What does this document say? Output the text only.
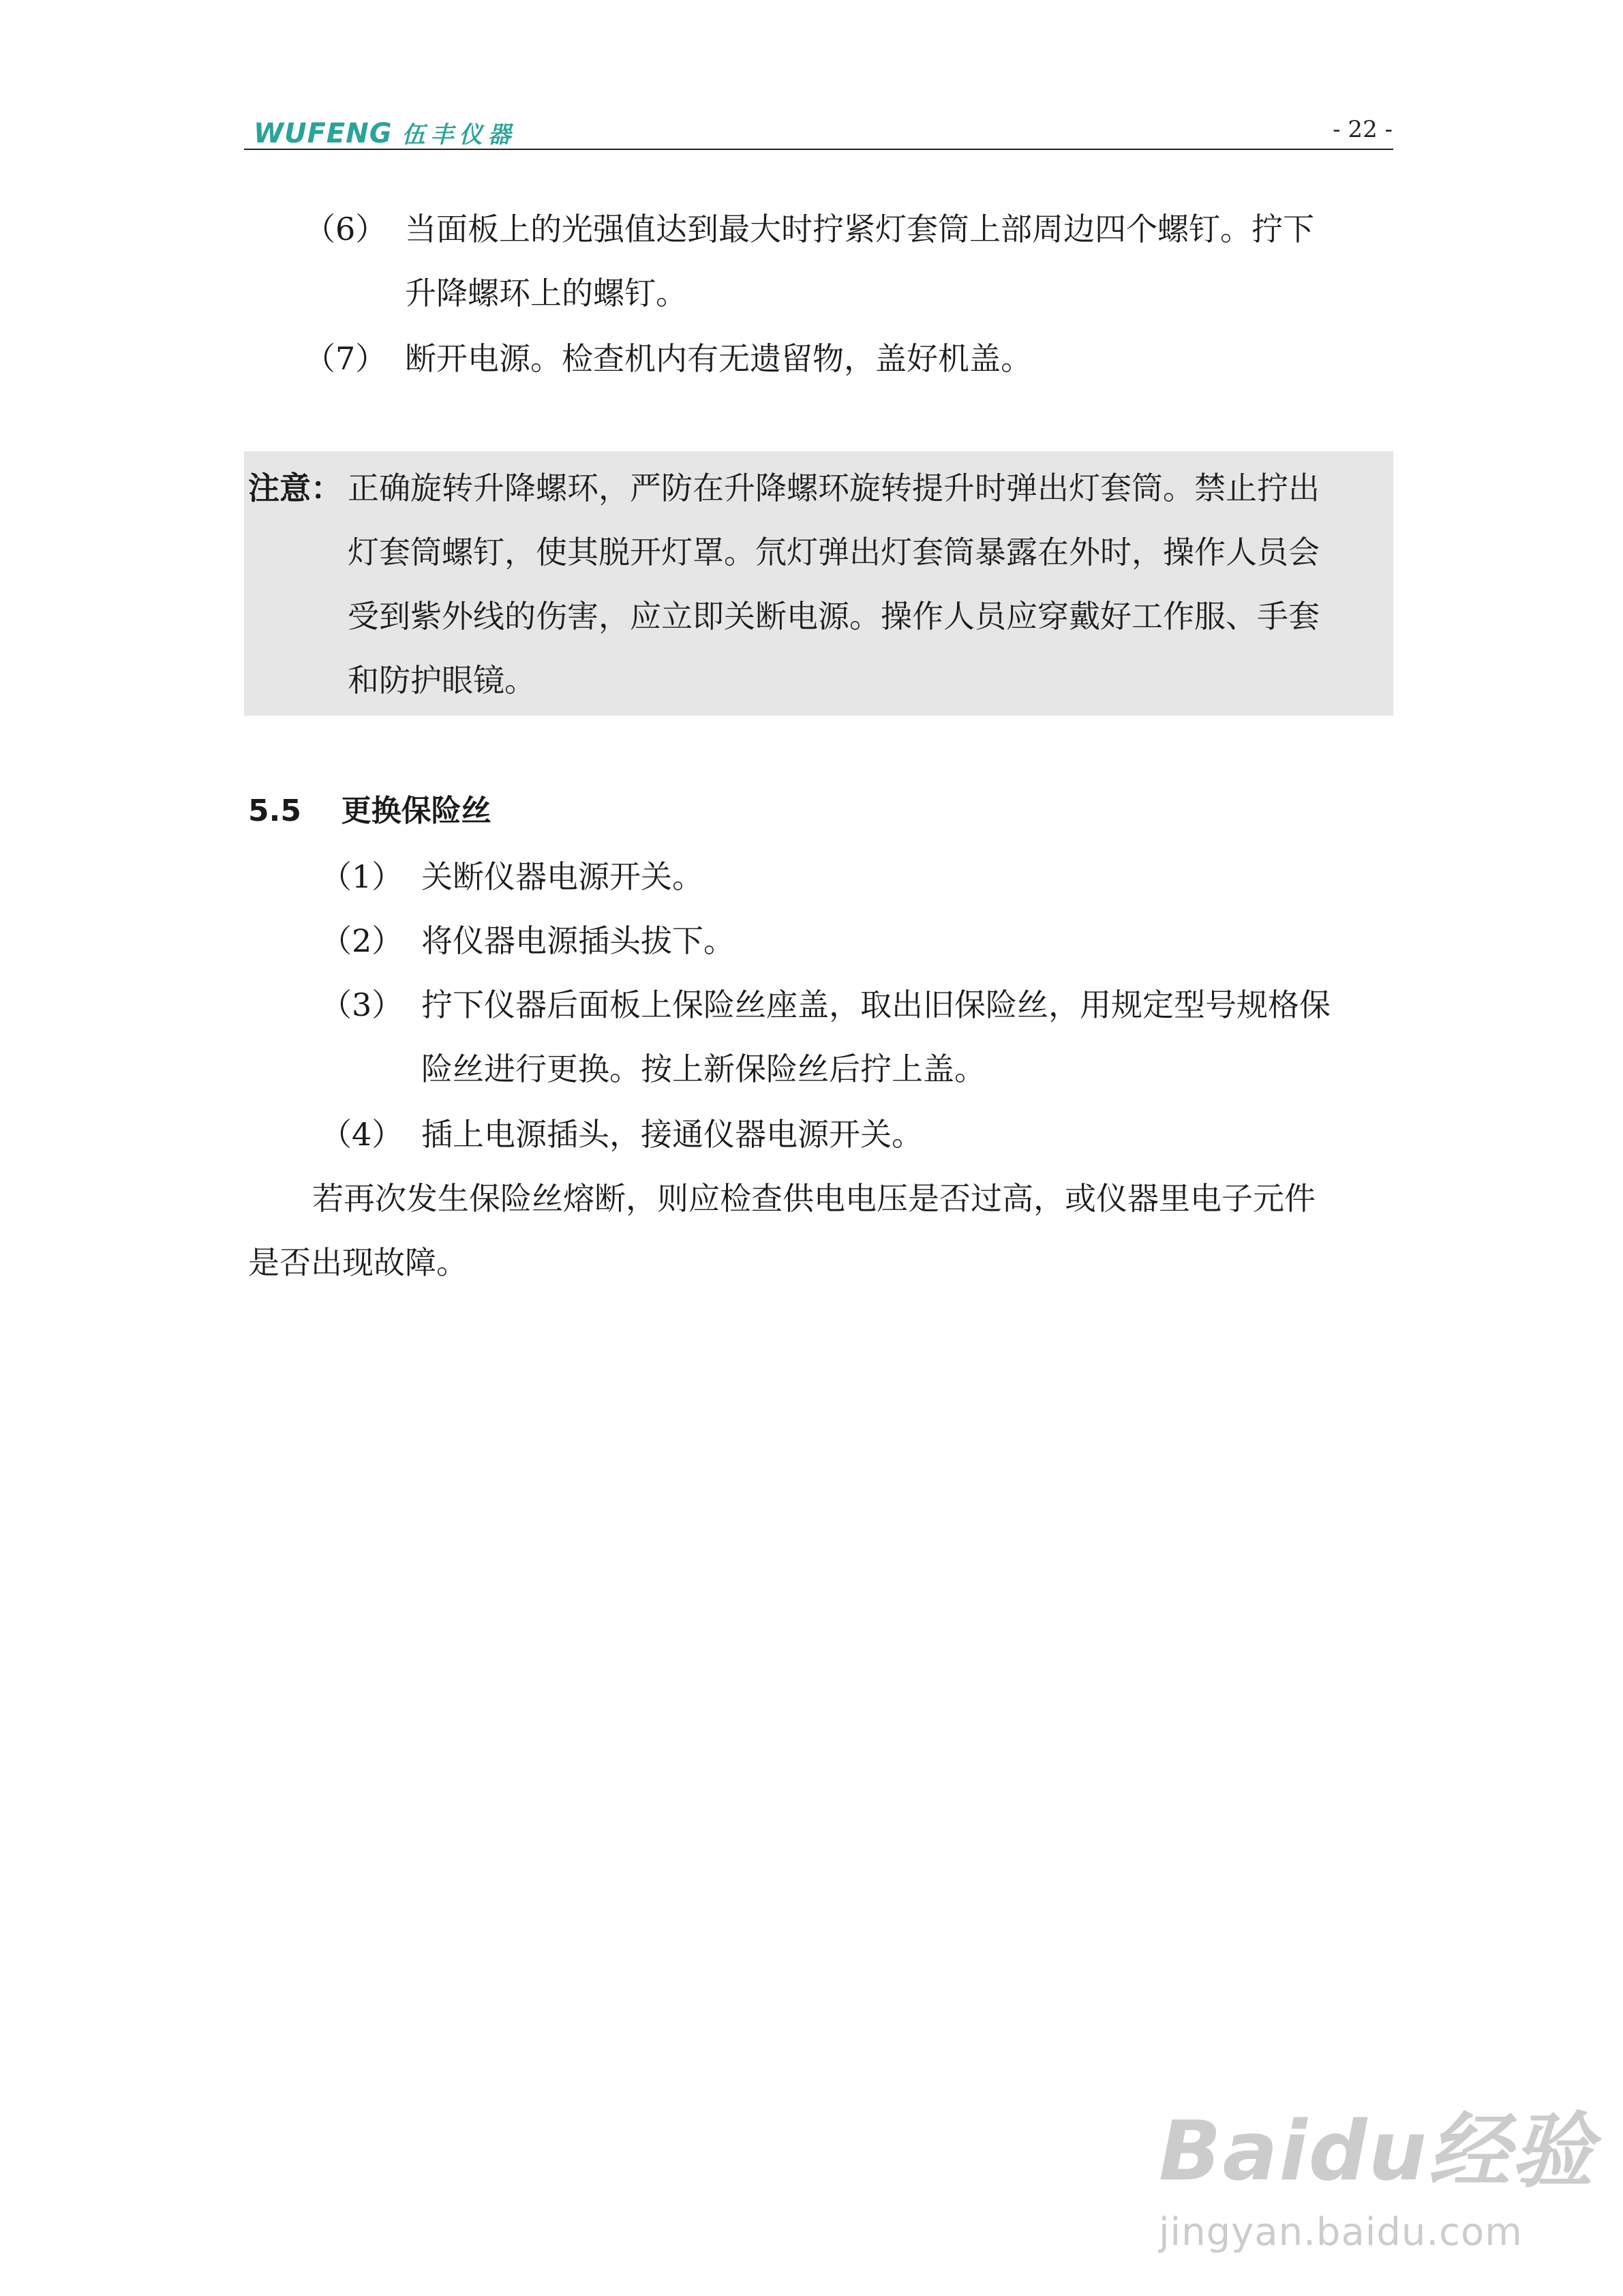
WUFENG 伍丰仪器	- 22 -
（6） 当面板上的光强值达到最大时拧紧灯套筒上部周边四个螺钉。拧下
升降螺环上的螺钉。
（7） 断开电源。检查机内有无遗留物，盖好机盖。
注意： 正确旋转升降螺环，严防在升降螺环旋转提升时弹出灯套筒。禁止拧出
灯套筒螺钉，使其脱开灯罩。氘灯弹出灯套筒暴露在外时，操作人员会
受到紫外线的伤害，应立即关断电源。操作人员应穿戴好工作服、手套
和防护眼镜。
5.5 更换保险丝
（1） 关断仪器电源开关。
（2） 将仪器电源插头拔下。
（3） 拧下仪器后面板上保险丝座盖，取出旧保险丝，用规定型号规格保
险丝进行更换。按上新保险丝后拧上盖。
（4） 插上电源插头，接通仪器电源开关。
若再次发生保险丝熔断，则应检查供电电压是否过高，或仪器里电子元件
是否出现故障。
Baidu经验
jingyan.baidu.com
